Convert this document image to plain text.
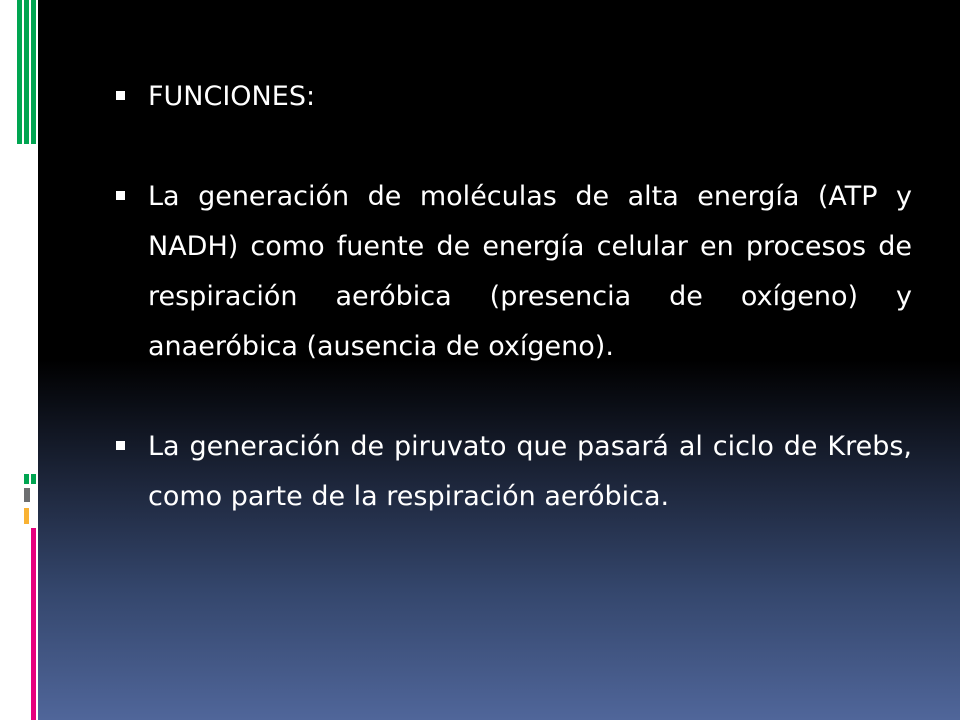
FUNCIONES:
La generación de moléculas de alta energía (ATP y NADH) como fuente de energía celular en procesos de respiración aeróbica (presencia de oxígeno) y anaeróbica (ausencia de oxígeno).
La generación de piruvato que pasará al ciclo de Krebs, como parte de la respiración aeróbica.
